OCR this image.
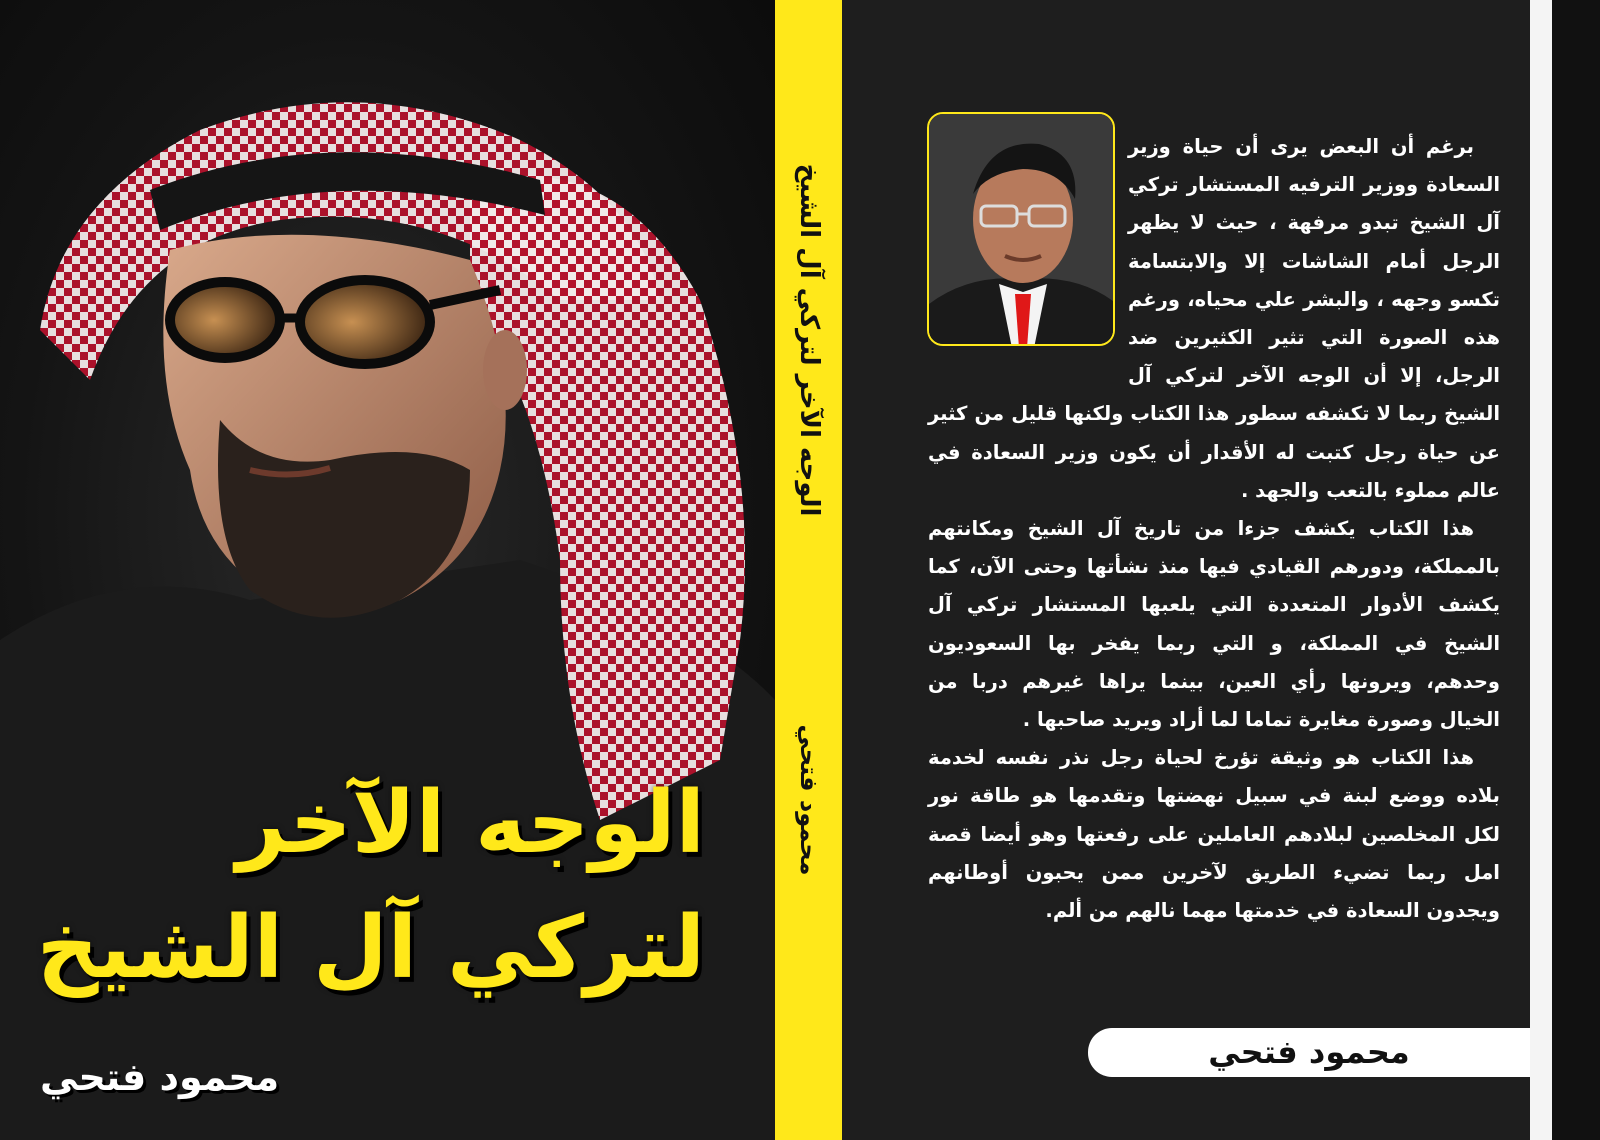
الوجه الآخر
لتركي آل الشيخ
محمود فتحي
الوجه الآخر لتركي آل الشيخ
محمود فتحي

برغم أن البعض يرى أن حياة وزير السعادة ووزير الترفيه المستشار تركي آل الشيخ تبدو مرفهة ، حيث لا يظهر الرجل أمام الشاشات إلا والابتسامة تكسو وجهه ، والبشر علي محياه، ورغم هذه الصورة التي تثير الكثيرين ضد الرجل، إلا أن الوجه الآخر لتركي آل الشيخ ربما لا تكشفه سطور هذا الكتاب ولكنها قليل من كثير عن حياة رجل كتبت له الأقدار أن يكون وزير السعادة في عالم مملوء بالتعب والجهد .

هذا الكتاب يكشف جزءا من تاريخ آل الشيخ ومكانتهم بالمملكة، ودورهم القيادي فيها منذ نشأتها وحتى الآن، كما يكشف الأدوار المتعددة التي يلعبها المستشار تركي آل الشيخ في المملكة، و التي ربما يفخر بها السعوديون وحدهم، ويرونها رأي العين، بينما يراها غيرهم دربا من الخيال وصورة مغايرة تماما لما أراد ويريد صاحبها .

هذا الكتاب هو وثيقة تؤرخ لحياة رجل نذر نفسه لخدمة بلاده ووضع لبنة في سبيل نهضتها وتقدمها هو طاقة نور لكل المخلصين لبلادهم العاملين على رفعتها وهو أيضا قصة امل ربما تضيء الطريق لآخرين ممن يحبون أوطانهم ويجدون السعادة في خدمتها مهما نالهم من ألم.

محمود فتحي
